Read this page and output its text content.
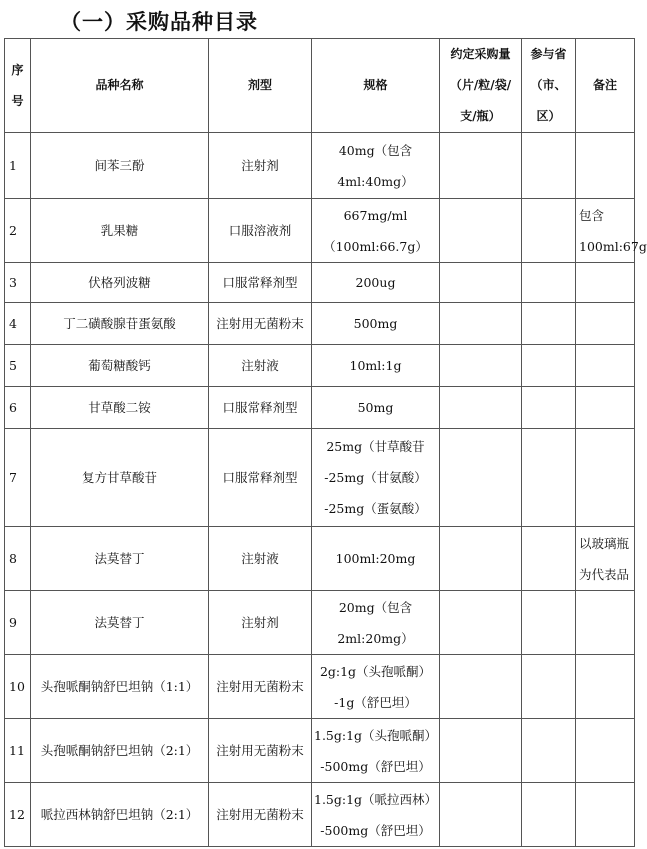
（一）采购品种目录
序
号	品种名称	剂型	规格	约定采购量
（片/粒/袋/
支/瓶）	参与省
（市、
区）	备注
1	间苯三酚	注射剂	40mg（包含
4ml:40mg）			

2	乳果糖	口服溶液剂	667mg/ml
（100ml:66.7g）			包含
100ml:67g

3	伏格列波糖	口服常释剂型	200ug			

4	丁二磺酸腺苷蛋氨酸	注射用无菌粉末	500mg			

5	葡萄糖酸钙	注射液	10ml:1g			

6	甘草酸二铵	口服常释剂型	50mg			

7	复方甘草酸苷	口服常释剂型	25mg（甘草酸苷
-25mg（甘氨酸）
-25mg（蛋氨酸）			

8	法莫替丁	注射液	100ml:20mg			以玻璃瓶
为代表品

9	法莫替丁	注射剂	20mg（包含
2ml:20mg）			

10	头孢哌酮钠舒巴坦钠（1:1）	注射用无菌粉末	2g:1g（头孢哌酮）
-1g（舒巴坦）			

11	头孢哌酮钠舒巴坦钠（2:1）	注射用无菌粉末	1.5g:1g（头孢哌酮）
-500mg（舒巴坦）			

12	哌拉西林钠舒巴坦钠（2:1）	注射用无菌粉末	1.5g:1g（哌拉西林）
-500mg（舒巴坦）			
